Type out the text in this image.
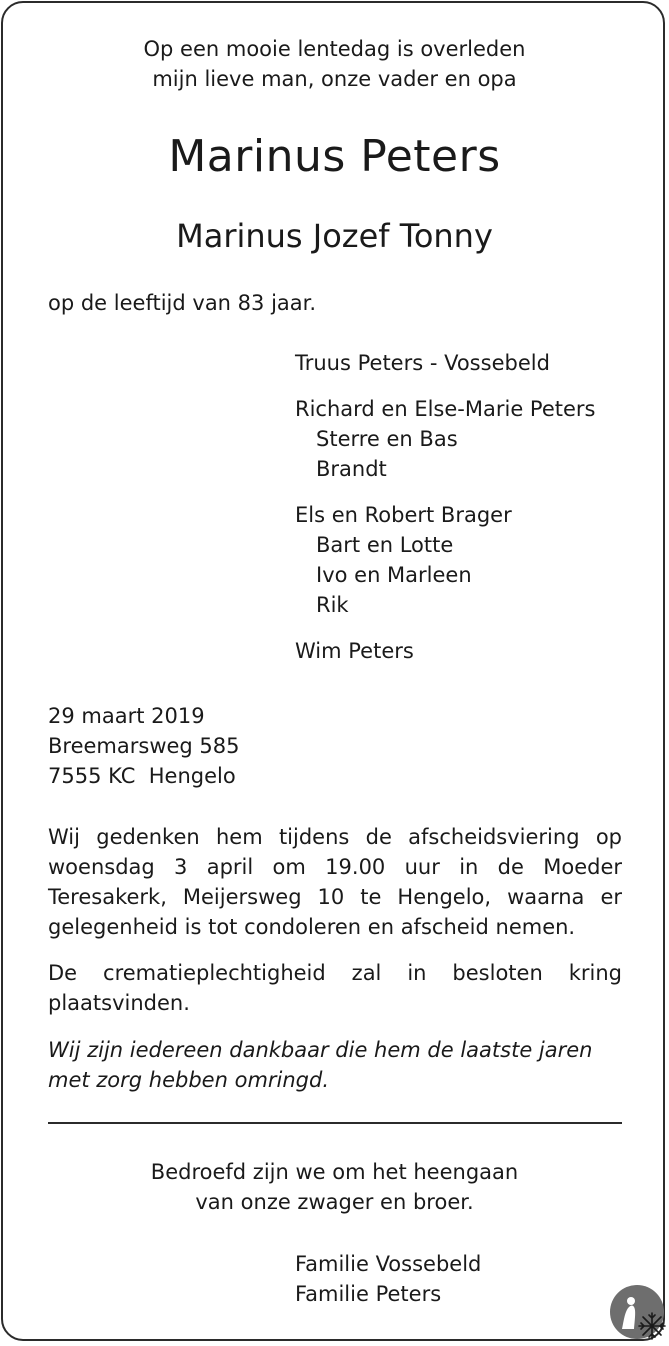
Op een mooie lentedag is overleden
mijn lieve man, onze vader en opa
Marinus Peters
Marinus Jozef Tonny
op de leeftijd van 83 jaar.
Truus Peters - Vossebeld
Richard en Else-Marie Peters
Sterre en Bas
Brandt
Els en Robert Brager
Bart en Lotte
Ivo en Marleen
Rik
Wim Peters
29 maart 2019
Breemarsweg 585
7555 KC  Hengelo
Wij gedenken hem tijdens de afscheidsviering op woensdag 3 april om 19.00 uur in de Moeder Teresakerk, Meijersweg 10 te Hengelo, waarna er gelegenheid is tot condoleren en afscheid nemen.
De crematieplechtigheid zal in besloten kring plaatsvinden.
Wij zijn iedereen dankbaar die hem de laatste jaren met zorg hebben omringd.
Bedroefd zijn we om het heengaan
van onze zwager en broer.
Familie Vossebeld
Familie Peters
